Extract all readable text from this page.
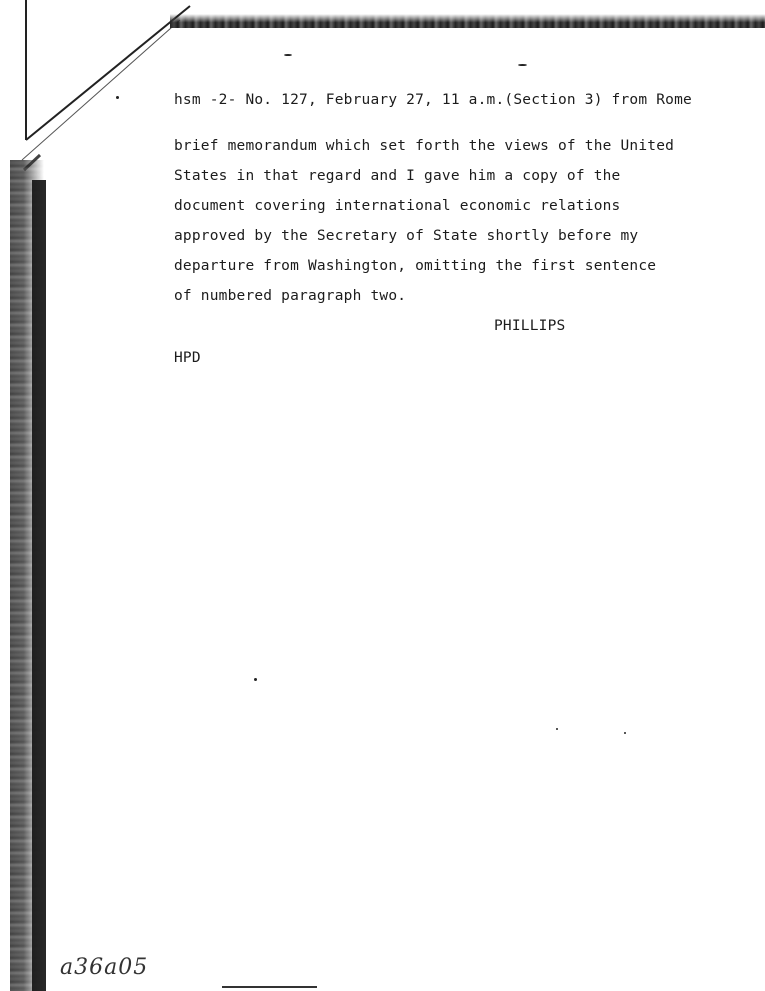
hsm -2- No. 127, February 27, 11 a.m.(Section 3) from Rome
brief memorandum which set forth the views of the United
States in that regard and I gave him a copy of the
document covering international economic relations
approved by the Secretary of State shortly before my
departure from Washington, omitting the first sentence
of numbered paragraph two.
PHILLIPS
HPD
a36a05
